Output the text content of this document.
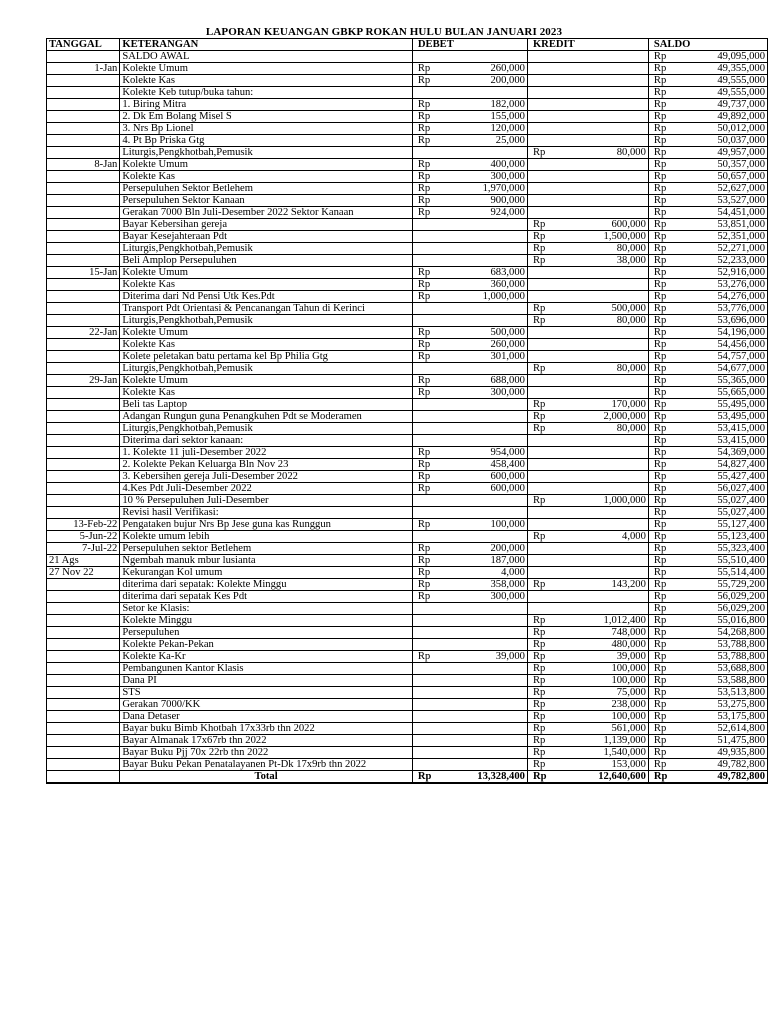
LAPORAN KEUANGAN GBKP ROKAN HULU BULAN JANUARI 2023
TANGGAL	KETERANGAN	DEBET		KREDIT		SALDO	
	SALDO AWAL					Rp	49,095,000
1-Jan	Kolekte Umum	Rp	260,000			Rp	49,355,000
	Kolekte Kas	Rp	200,000			Rp	49,555,000
	Kolekte Keb tutup/buka tahun:					Rp	49,555,000
	1. Biring Mitra	Rp	182,000			Rp	49,737,000
	2. Dk Em Bolang Misel S	Rp	155,000			Rp	49,892,000
	3. Nrs Bp Lionel	Rp	120,000			Rp	50,012,000
	4. Pt Bp Priska Gtg	Rp	25,000			Rp	50,037,000
	Liturgis,Pengkhotbah,Pemusik			Rp	80,000	Rp	49,957,000
8-Jan	Kolekte Umum	Rp	400,000			Rp	50,357,000
	Kolekte Kas	Rp	300,000			Rp	50,657,000
	Persepuluhen Sektor Betlehem	Rp	1,970,000			Rp	52,627,000
	Persepuluhen Sektor Kanaan	Rp	900,000			Rp	53,527,000
	Gerakan 7000 Bln Juli-Desember 2022 Sektor Kanaan	Rp	924,000			Rp	54,451,000
	Bayar Kebersihan gereja			Rp	600,000	Rp	53,851,000
	Bayar Kesejahteraan Pdt			Rp	1,500,000	Rp	52,351,000
	Liturgis,Pengkhotbah,Pemusik			Rp	80,000	Rp	52,271,000
	Beli Amplop Persepuluhen			Rp	38,000	Rp	52,233,000
15-Jan	Kolekte Umum	Rp	683,000			Rp	52,916,000
	Kolekte Kas	Rp	360,000			Rp	53,276,000
	Diterima dari Nd Pensi Utk Kes.Pdt	Rp	1,000,000			Rp	54,276,000
	Transport Pdt Orientasi & Pencanangan Tahun di Kerinci			Rp	500,000	Rp	53,776,000
	Liturgis,Pengkhotbah,Pemusik			Rp	80,000	Rp	53,696,000
22-Jan	Kolekte Umum	Rp	500,000			Rp	54,196,000
	Kolekte Kas	Rp	260,000			Rp	54,456,000
	Kolete peletakan batu pertama kel Bp Philia Gtg	Rp	301,000			Rp	54,757,000
	Liturgis,Pengkhotbah,Pemusik			Rp	80,000	Rp	54,677,000
29-Jan	Kolekte Umum	Rp	688,000			Rp	55,365,000
	Kolekte Kas	Rp	300,000			Rp	55,665,000
	Beli tas Laptop			Rp	170,000	Rp	55,495,000
	Adangan Rungun guna Penangkuhen Pdt se Moderamen			Rp	2,000,000	Rp	53,495,000
	Liturgis,Pengkhotbah,Pemusik			Rp	80,000	Rp	53,415,000
	Diterima dari sektor kanaan:					Rp	53,415,000
	1. Kolekte 11 juli-Desember 2022	Rp	954,000			Rp	54,369,000
	2. Kolekte Pekan Keluarga Bln Nov 23	Rp	458,400			Rp	54,827,400
	3. Kebersihen gereja Juli-Desember 2022	Rp	600,000			Rp	55,427,400
	4.Kes Pdt Juli-Desember 2022	Rp	600,000			Rp	56,027,400
	10 % Persepuluhen Juli-Desember			Rp	1,000,000	Rp	55,027,400
	Revisi hasil Verifikasi:					Rp	55,027,400
13-Feb-22	Pengataken bujur Nrs Bp Jese guna kas Runggun	Rp	100,000			Rp	55,127,400
5-Jun-22	Kolekte umum lebih			Rp	4,000	Rp	55,123,400
7-Jul-22	Persepuluhen sektor Betlehem	Rp	200,000			Rp	55,323,400
21 Ags	Ngembah manuk mbur lusianta	Rp	187,000			Rp	55,510,400
27 Nov 22	Kekurangan Kol umum	Rp	4,000			Rp	55,514,400
	diterima dari sepatak: Kolekte Minggu	Rp	358,000	Rp	143,200	Rp	55,729,200
	diterima dari sepatak Kes Pdt	Rp	300,000			Rp	56,029,200
	Setor ke Klasis:					Rp	56,029,200
	Kolekte Minggu			Rp	1,012,400	Rp	55,016,800
	Persepuluhen			Rp	748,000	Rp	54,268,800
	Kolekte Pekan-Pekan			Rp	480,000	Rp	53,788,800
	Kolekte Ka-Kr	Rp	39,000	Rp	39,000	Rp	53,788,800
	Pembangunen Kantor Klasis			Rp	100,000	Rp	53,688,800
	Dana PI			Rp	100,000	Rp	53,588,800
	STS			Rp	75,000	Rp	53,513,800
	Gerakan 7000/KK			Rp	238,000	Rp	53,275,800
	Dana Detaser			Rp	100,000	Rp	53,175,800
	Bayar buku Bimb Khotbah 17x33rb thn 2022			Rp	561,000	Rp	52,614,800
	Bayar Almanak 17x67rb thn 2022			Rp	1,139,000	Rp	51,475,800
	Bayar Buku Pjj 70x 22rb thn 2022			Rp	1,540,000	Rp	49,935,800
	Bayar Buku Pekan Penatalayanen Pt-Dk 17x9rb thn 2022			Rp	153,000	Rp	49,782,800
	Total	Rp	13,328,400	Rp	12,640,600	Rp	49,782,800
